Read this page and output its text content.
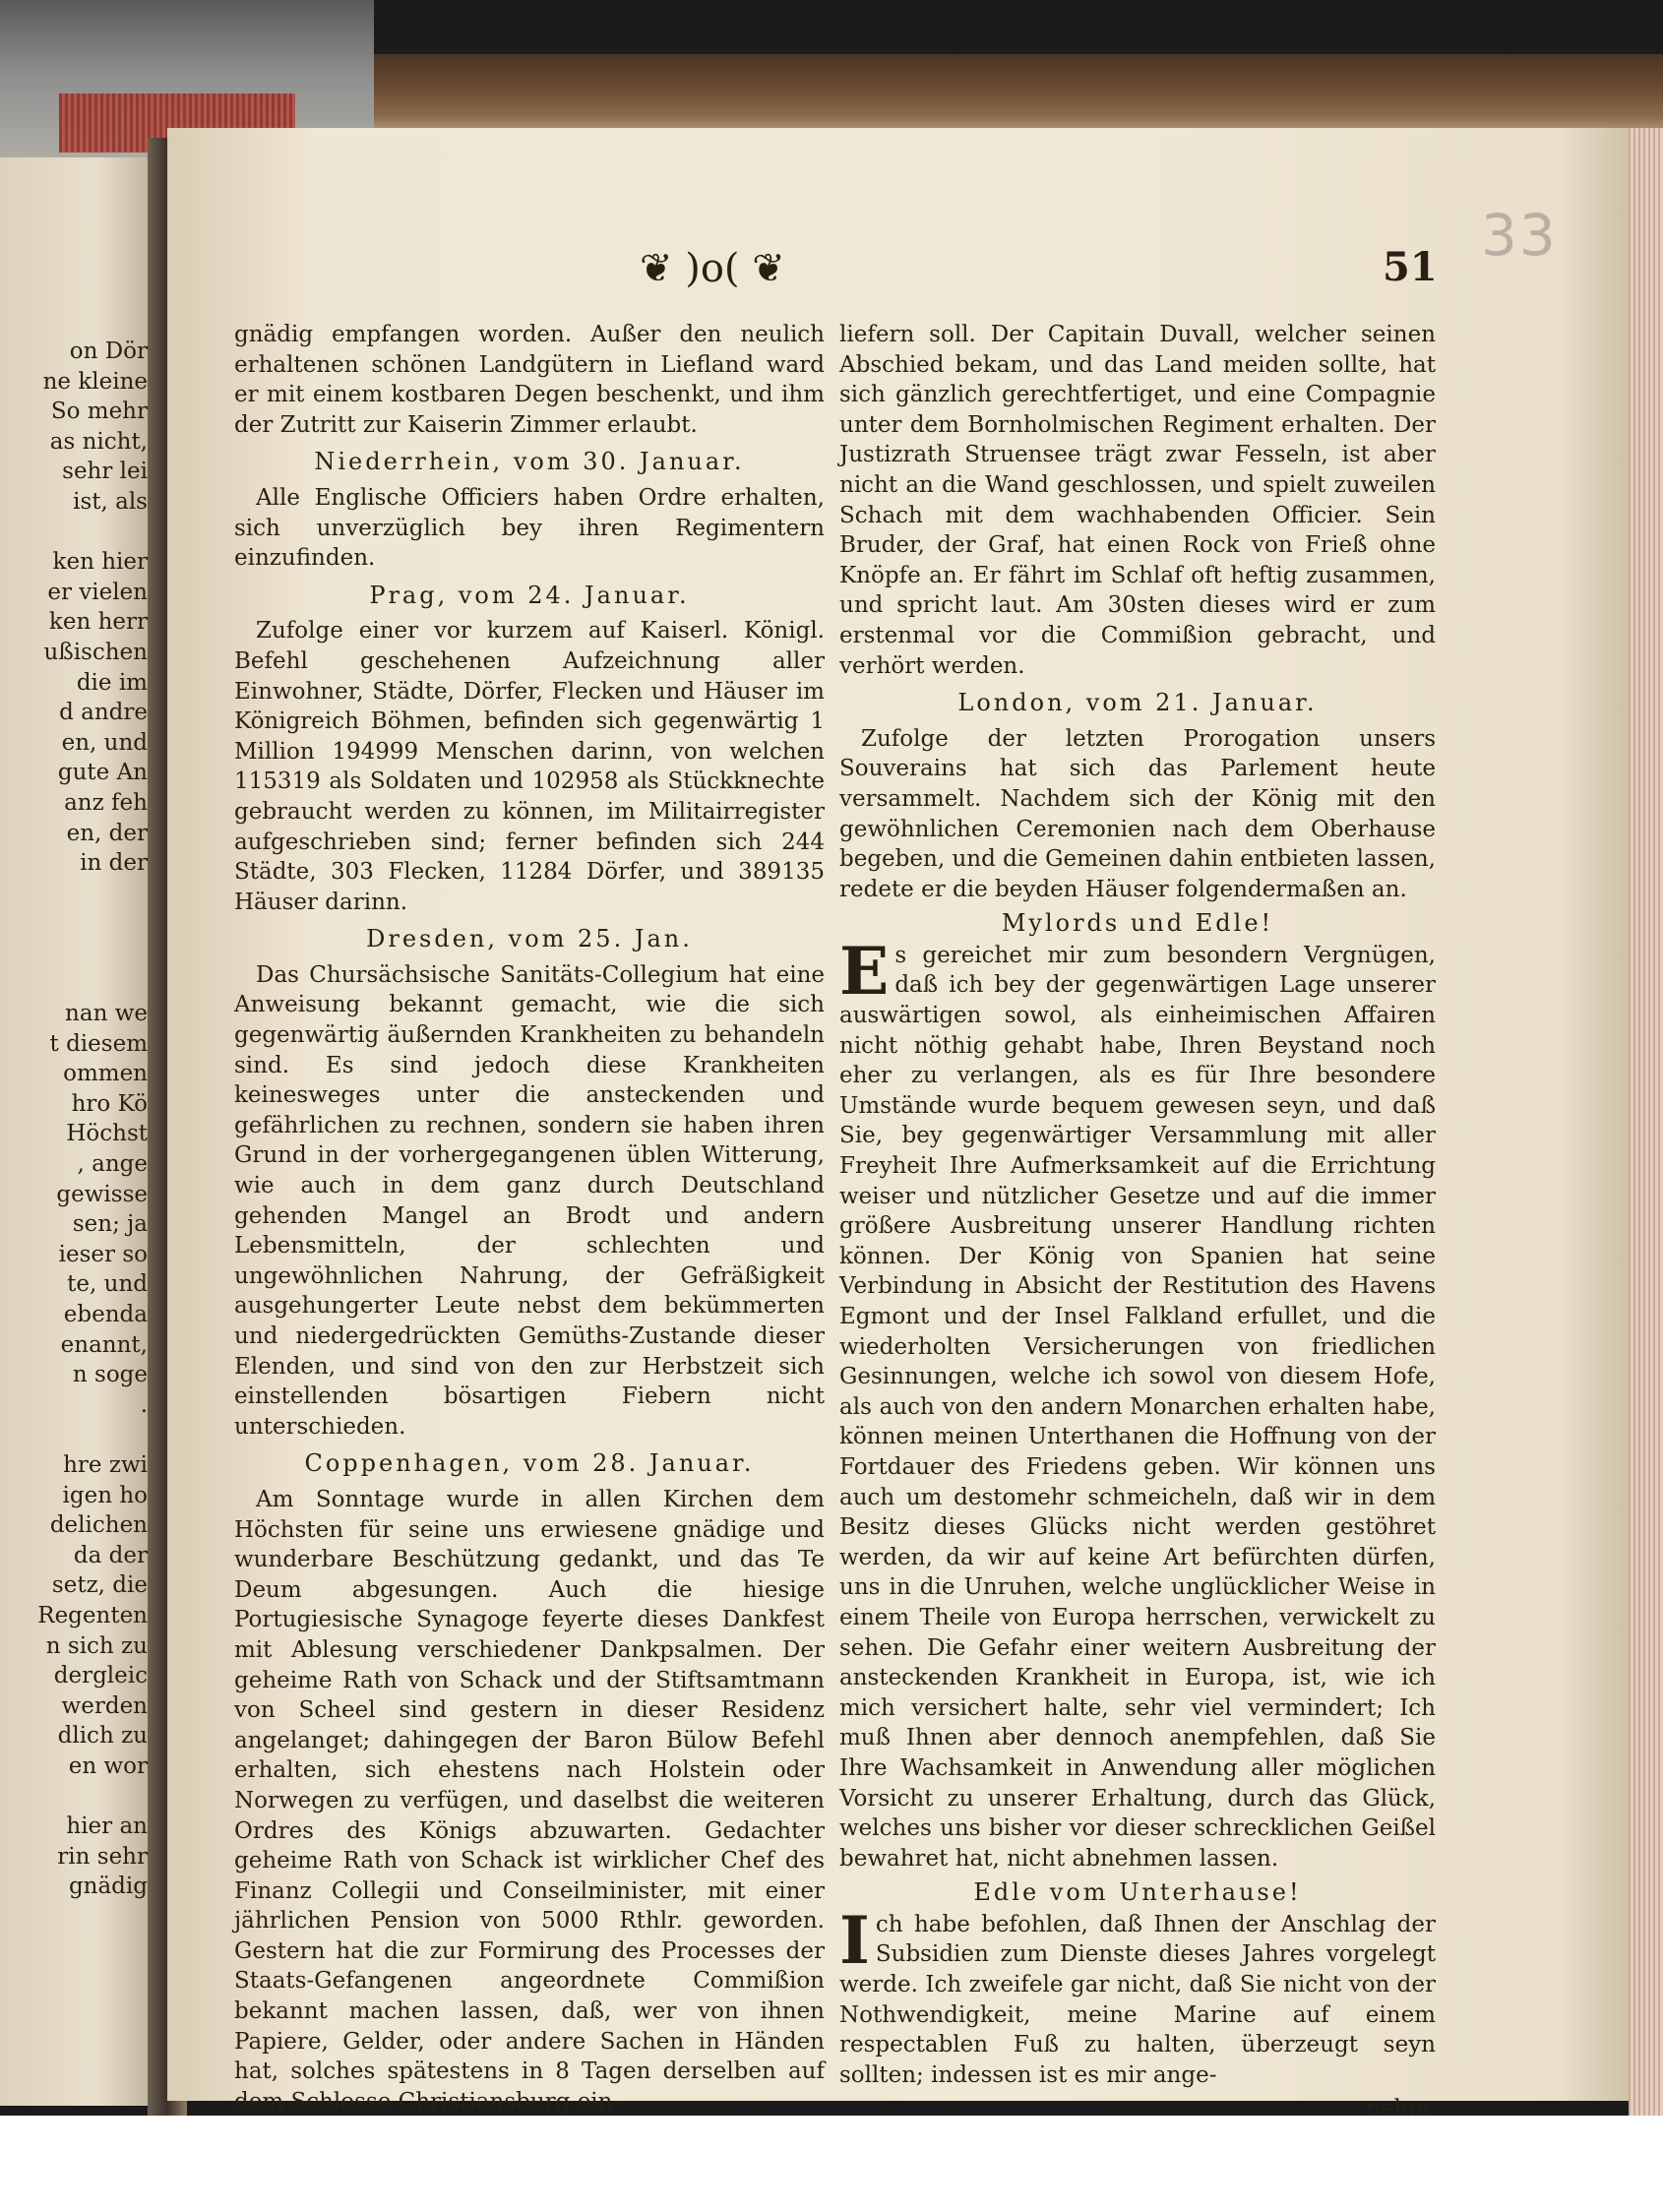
on Dör
ne kleine
So mehr
as nicht,
sehr lei
ist, als
ken hier
er vielen
ken herr
ußischen
die im
d andre
en, und
gute An
anz feh
en, der
in der
nan we
t diesem
ommen
hro Kö
Höchst
, ange
gewisse
sen; ja
ieser so
te, und
ebenda
enannt,
n soge
.
hre zwi
igen ho
delichen
da der
setz, die
Regenten
n sich zu
dergleic
werden
dlich zu
en wor
hier an
rin sehr
gnädig
33
❦ )o( ❦	51

gnädig empfangen worden. Außer den neulich erhaltenen schönen Landgütern in Liefland ward er mit einem kostbaren Degen beschenkt, und ihm der Zutritt zur Kaiserin Zimmer erlaubt.

Niederrhein, vom 30. Januar.

Alle Englische Officiers haben Ordre erhalten, sich unverzüglich bey ihren Regimentern einzufinden.

Prag, vom 24. Januar.

Zufolge einer vor kurzem auf Kaiserl. Königl. Befehl geschehenen Aufzeichnung aller Einwohner, Städte, Dörfer, Flecken und Häuser im Königreich Böhmen, befinden sich gegenwärtig 1 Million 194999 Menschen darinn, von welchen 115319 als Soldaten und 102958 als Stückknechte gebraucht werden zu können, im Militairregister aufgeschrieben sind; ferner befinden sich 244 Städte, 303 Flecken, 11284 Dörfer, und 389135 Häuser darinn.

Dresden, vom 25. Jan.

Das Chursächsische Sanitäts-Collegium hat eine Anweisung bekannt gemacht, wie die sich gegenwärtig äußernden Krankheiten zu behandeln sind. Es sind jedoch diese Krankheiten keinesweges unter die ansteckenden und gefährlichen zu rechnen, sondern sie haben ihren Grund in der vorhergegangenen üblen Witterung, wie auch in dem ganz durch Deutschland gehenden Mangel an Brodt und andern Lebensmitteln, der schlechten und ungewöhnlichen Nahrung, der Gefräßigkeit ausgehungerter Leute nebst dem bekümmerten und niedergedrückten Gemüths-Zustande dieser Elenden, und sind von den zur Herbstzeit sich einstellenden bösartigen Fiebern nicht unterschieden.

Coppenhagen, vom 28. Januar.

Am Sonntage wurde in allen Kirchen dem Höchsten für seine uns erwiesene gnädige und wunderbare Beschützung gedankt, und das Te Deum abgesungen. Auch die hiesige Portugiesische Synagoge feyerte dieses Dankfest mit Ablesung verschiedener Dankpsalmen. Der geheime Rath von Schack und der Stiftsamtmann von Scheel sind gestern in dieser Residenz angelanget; dahingegen der Baron Bülow Befehl erhalten, sich ehestens nach Holstein oder Norwegen zu verfügen, und daselbst die weiteren Ordres des Königs abzuwarten. Gedachter geheime Rath von Schack ist wirklicher Chef des Finanz Collegii und Conseilminister, mit einer jährlichen Pension von 5000 Rthlr. geworden. Gestern hat die zur Formirung des Processes der Staats-Gefangenen angeordnete Commißion bekannt machen lassen, daß, wer von ihnen Papiere, Gelder, oder andere Sachen in Händen hat, solches spätestens in 8 Tagen derselben auf dem Schlosse Christiansburg ein-

liefern soll. Der Capitain Duvall, welcher seinen Abschied bekam, und das Land meiden sollte, hat sich gänzlich gerechtfertiget, und eine Compagnie unter dem Bornholmischen Regiment erhalten. Der Justizrath Struensee trägt zwar Fesseln, ist aber nicht an die Wand geschlossen, und spielt zuweilen Schach mit dem wachhabenden Officier. Sein Bruder, der Graf, hat einen Rock von Frieß ohne Knöpfe an. Er fährt im Schlaf oft heftig zusammen, und spricht laut. Am 30sten dieses wird er zum erstenmal vor die Commißion gebracht, und verhört werden.

London, vom 21. Januar.

Zufolge der letzten Prorogation unsers Souverains hat sich das Parlement heute versammelt. Nachdem sich der König mit den gewöhnlichen Ceremonien nach dem Oberhause begeben, und die Gemeinen dahin entbieten lassen, redete er die beyden Häuser folgendermaßen an.

Mylords und Edle!

Es gereichet mir zum besondern Vergnügen, daß ich bey der gegenwärtigen Lage unserer auswärtigen sowol, als einheimischen Affairen nicht nöthig gehabt habe, Ihren Beystand noch eher zu verlangen, als es für Ihre besondere Umstände wurde bequem gewesen seyn, und daß Sie, bey gegenwärtiger Versammlung mit aller Freyheit Ihre Aufmerksamkeit auf die Errichtung weiser und nützlicher Gesetze und auf die immer größere Ausbreitung unserer Handlung richten können. Der König von Spanien hat seine Verbindung in Absicht der Restitution des Havens Egmont und der Insel Falkland erfullet, und die wiederholten Versicherungen von friedlichen Gesinnungen, welche ich sowol von diesem Hofe, als auch von den andern Monarchen erhalten habe, können meinen Unterthanen die Hoffnung von der Fortdauer des Friedens geben. Wir können uns auch um destomehr schmeicheln, daß wir in dem Besitz dieses Glücks nicht werden gestöhret werden, da wir auf keine Art befürchten dürfen, uns in die Unruhen, welche unglücklicher Weise in einem Theile von Europa herrschen, verwickelt zu sehen. Die Gefahr einer weitern Ausbreitung der ansteckenden Krankheit in Europa, ist, wie ich mich versichert halte, sehr viel vermindert; Ich muß Ihnen aber dennoch anempfehlen, daß Sie Ihre Wachsamkeit in Anwendung aller möglichen Vorsicht zu unserer Erhaltung, durch das Glück, welches uns bisher vor dieser schrecklichen Geißel bewahret hat, nicht abnehmen lassen.

Edle vom Unterhause!

Ich habe befohlen, daß Ihnen der Anschlag der Subsidien zum Dienste dieses Jahres vorgelegt werde. Ich zweifele gar nicht, daß Sie nicht von der Nothwendigkeit, meine Marine auf einem respectablen Fuß zu halten, überzeugt seyn sollten; indessen ist es mir ange-

nehm
